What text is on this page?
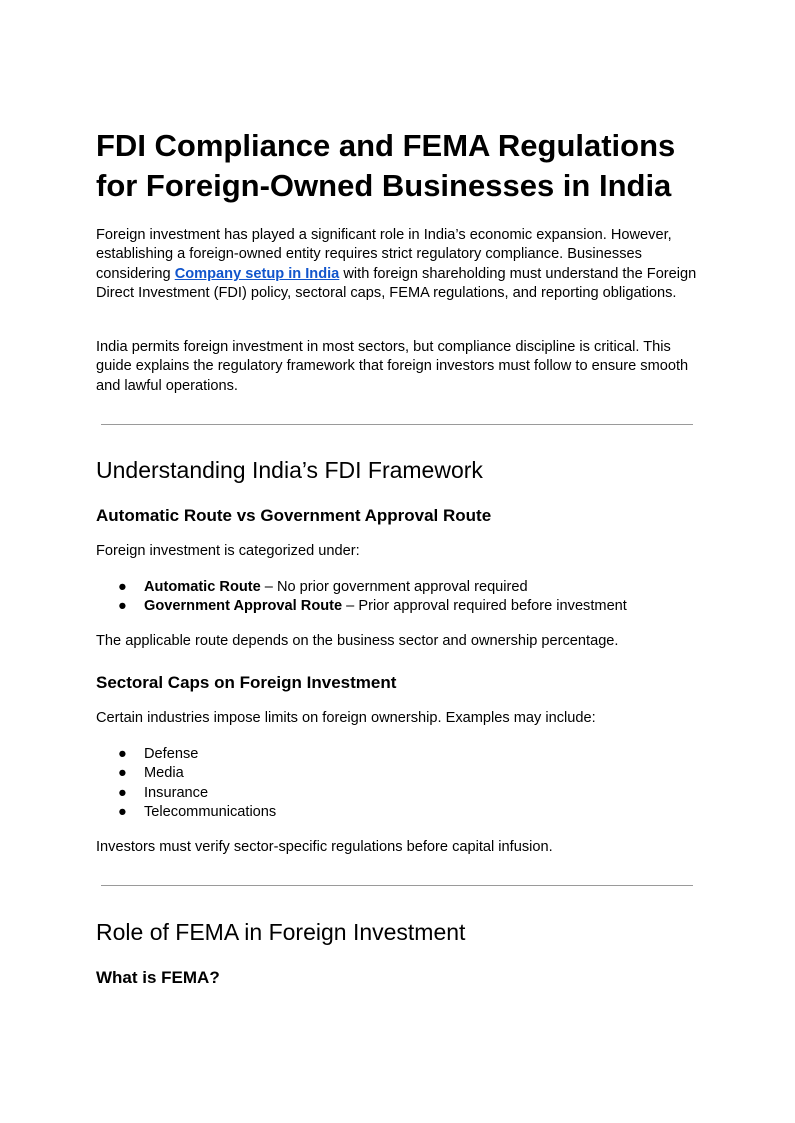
FDI Compliance and FEMA Regulations for Foreign-Owned Businesses in India

Foreign investment has played a significant role in India’s economic expansion. However, establishing a foreign-owned entity requires strict regulatory compliance. Businesses considering Company setup in India with foreign shareholding must understand the Foreign Direct Investment (FDI) policy, sectoral caps, FEMA regulations, and reporting obligations.

India permits foreign investment in most sectors, but compliance discipline is critical. This guide explains the regulatory framework that foreign investors must follow to ensure smooth and lawful operations.

Understanding India’s FDI Framework
Automatic Route vs Government Approval Route

Foreign investment is categorized under:

● Automatic Route – No prior government approval required
● Government Approval Route – Prior approval required before investment

The applicable route depends on the business sector and ownership percentage.

Sectoral Caps on Foreign Investment

Certain industries impose limits on foreign ownership. Examples may include:

● Defense
● Media
● Insurance
● Telecommunications

Investors must verify sector-specific regulations before capital infusion.

Role of FEMA in Foreign Investment
What is FEMA?
